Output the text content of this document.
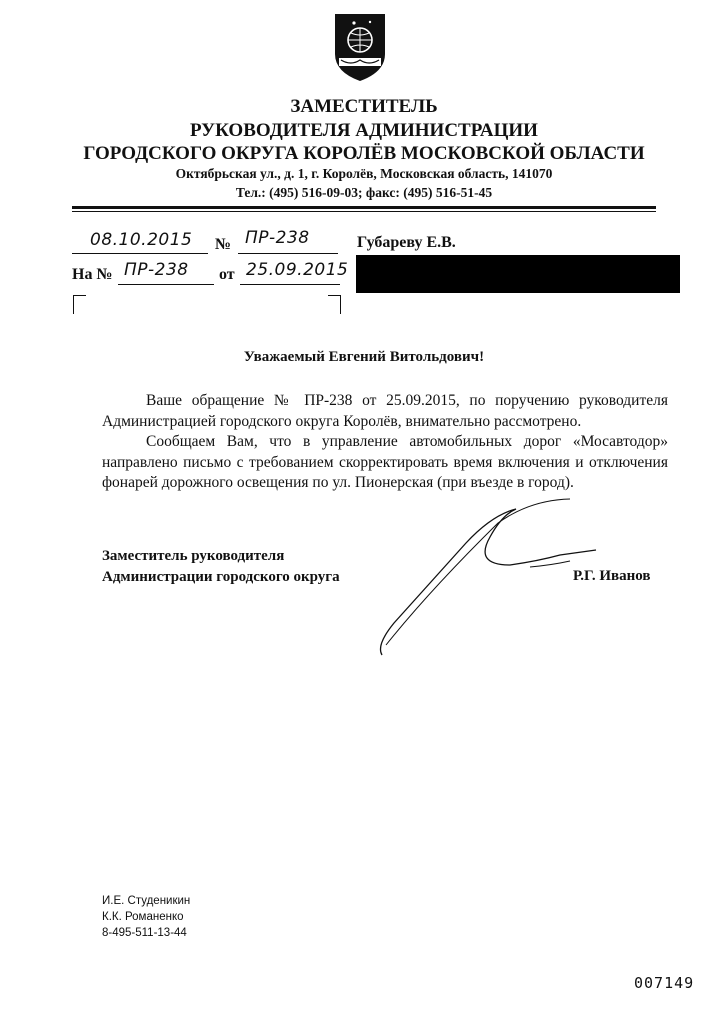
ЗАМЕСТИТЕЛЬ
РУКОВОДИТЕЛЯ АДМИНИСТРАЦИИ
ГОРОДСКОГО ОКРУГА КОРОЛЁВ МОСКОВСКОЙ ОБЛАСТИ
Октябрьская ул., д. 1, г. Королёв, Московская область, 141070
Тел.: (495) 516-09-03; факс: (495) 516-51-45
08.10.2015 № ПР-238	Губареву Е.В.
На № ПР-238 от 25.09.2015
Уважаемый Евгений Витольдович!

Ваше обращение № ПР-238 от 25.09.2015, по поручению руководителя Администрацией городского округа Королёв, внимательно рассмотрено.

Сообщаем Вам, что в управление автомобильных дорог «Мосавтодор» направлено письмо с требованием скорректировать время включения и отключения фонарей дорожного освещения по ул. Пионерская (при въезде в город).

Заместитель руководителя
Администрации городского округа	Р.Г. Иванов
И.Е. Студеникин
К.К. Романенко
8-495-511-13-44
007149
